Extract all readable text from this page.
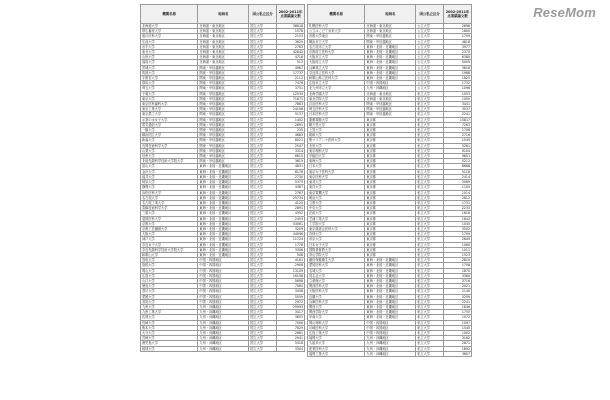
ReseMom
機関名称	地域名	国公私立区分	2002-2011年点業績論文数
北海道大学	北海道・東北地区	国立大学	38818
帯広畜産大学	北海道・東北地区	国立大学	1578
旭川医科大学	北海道・東北地区	国立大学	2153
弘前大学	北海道・東北地区	国立大学	3629
岩手大学	北海道・東北地区	国立大学	2763
東北大学	北海道・東北地区	国立大学	42842
山形大学	北海道・東北地区	国立大学	4716
福島大学	北海道・東北地区	国立大学	513
茨城大学	関東・甲信越地区	国立大学	4987
筑波大学	関東・甲信越地区	国立大学	17737
宇都宮大学	関東・甲信越地区	国立大学	2112
群馬大学	関東・甲信越地区	国立大学	7476
埼玉大学	関東・甲信越地区	国立大学	3751
千葉大学	関東・甲信越地区	国立大学	12530
東京大学	関東・甲信越地区	国立大学	71871
東京医科歯科大学	関東・甲信越地区	国立大学	7863
東京工業大学	関東・甲信越地区	国立大学	24108
東京農工大学	関東・甲信越地区	国立大学	5137
お茶の水女子大学	関東・甲信越地区	国立大学	1402
電気通信大学	関東・甲信越地区	国立大学	2691
一橋大学	関東・甲信越地区	国立大学	235
横浜国立大学	関東・甲信越地区	国立大学	4683
新潟大学	関東・甲信越地区	国立大学	8021
長岡技術科学大学	関東・甲信越地区	国立大学	2547
山梨大学	関東・甲信越地区	国立大学	3314
信州大学	関東・甲信越地区	国立大学	6615
北陸先端科学技術大学院大学	関東・甲信越地区	国立大学	3615
富山大学	東海・北陸・近畿地区	国立大学	4831
金沢大学	東海・北陸・近畿地区	国立大学	8176
福井大学	東海・北陸・近畿地区	国立大学	2730
岐阜大学	東海・北陸・近畿地区	国立大学	5375
静岡大学	東海・北陸・近畿地区	国立大学	4387
浜松医科大学	東海・北陸・近畿地区	国立大学	2767
名古屋大学	東海・北陸・近畿地区	国立大学	25734
名古屋工業大学	東海・北陸・近畿地区	国立大学	4120
豊橋技術科学大学	東海・北陸・近畿地区	国立大学	2891
三重大学	東海・北陸・近畿地区	国立大学	4352
滋賀医科大学	東海・北陸・近畿地区	国立大学	2453
京都大学	東海・北陸・近畿地区	国立大学	53061
京都工芸繊維大学	東海・北陸・近畿地区	国立大学	3209
大阪大学	東海・北陸・近畿地区	国立大学	44596
神戸大学	東海・北陸・近畿地区	国立大学	11724
奈良女子大学	東海・北陸・近畿地区	国立大学	1778
奈良先端科学技術大学院大学	東海・北陸・近畿地区	国立大学	3306
和歌山大学	東海・北陸・近畿地区	国立大学	508
鳥取大学	中国・四国地区	国立大学	4161
島根大学	中国・四国地区	国立大学	2908
岡山大学	中国・四国地区	国立大学	13109
広島大学	中国・四国地区	国立大学	16158
山口大学	中国・四国地区	国立大学	5698
徳島大学	中国・四国地区	国立大学	7084
香川大学	中国・四国地区	国立大学	3438
愛媛大学	中国・四国地区	国立大学	5559
高知大学	中国・四国地区	国立大学	2972
九州大学	九州・沖縄地区	国立大学	29993
九州工業大学	九州・沖縄地区	国立大学	3417
佐賀大学	九州・沖縄地区	国立大学	3603
長崎大学	九州・沖縄地区	国立大学	7006
熊本大学	九州・沖縄地区	国立大学	7829
大分大学	九州・沖縄地区	国立大学	2681
宮崎大学	九州・沖縄地区	国立大学	2941
鹿児島大学	九州・沖縄地区	国立大学	5418
琉球大学	九州・沖縄地区	国立大学	3304
機関名称	地域名	国公私立区分	2002-2011年点業績論文数
札幌医科大学	北海道・東北地区	公立大学	2698
公立はこだて未来大学	北海道・東北地区	公立大学	1800
首都大学東京	関東・甲信越地区	公立大学	1709
横浜市立大学	関東・甲信越地区	公立大学	4818
名古屋市立大学	東海・北陸・近畿地区	公立大学	3977
京都府立医科大学	東海・北陸・近畿地区	公立大学	2370
大阪市立大学	東海・北陸・近畿地区	公立大学	6380
大阪府立大学	東海・北陸・近畿地区	公立大学	5005
兵庫県立大学	東海・北陸・近畿地区	公立大学	3616
奈良県立医科大学	東海・北陸・近畿地区	公立大学	1988
和歌山県立医科大学	東海・北陸・近畿地区	公立大学	1625
広島市立大学	中国・四国地区	公立大学	1732
北九州市立大学	九州・沖縄地区	公立大学	1096
北海学園大学	北海道・東北地区	私立大学	1053
東北学院大学	北海道・東北地区	私立大学	1050
自治医科大学	関東・甲信越地区	私立大学	3441
埼玉医科大学	関東・甲信越地区	私立大学	3037
日本医科大学	関東・甲信越地区	私立大学	2241
慶應義塾大学	東京都	私立大学	15817
順天堂大学	東京都	私立大学	7263
上智大学	東京都	私立大学	1708
昭和大学	東京都	私立大学	2716
聖マリアンナ医科大学	東京都	私立大学	1545
北里大学	東京都	私立大学	5261
東京理科大学	東京都	私立大学	9104
早稲田大学	東京都	私立大学	9651
東海大学	東京都	私立大学	5212
日本大学	東京都	私立大学	8668
東京女子医科大学	東京都	私立大学	5118
東京医科大学	東京都	私立大学	2414
東邦大学	東京都	私立大学	3069
東洋大学	東京都	私立大学	1155
東京電機大学	東京都	私立大学	1014
明治大学	東京都	私立大学	2812
立教大学	東京都	私立大学	1731
中央大学	東京都	私立大学	2233
法政大学	東京都	私立大学	1618
芝浦工業大学	東京都	私立大学	1642
工学院大学	東京都	私立大学	1045
東京慈恵会医科大学	東京都	私立大学	3502
杏林大学	東京都	私立大学	1709
帝京大学	東京都	私立大学	2649
日本女子大学	東京都	私立大学	1060
国際基督教大学	東京都	私立大学	1011
青山学院大学	東京都	私立大学	1523
藤田保健衛生大学	東海・北陸・近畿地区	私立大学	2810
愛知医科大学	東海・北陸・近畿地区	私立大学	1708
名城大学	東海・北陸・近畿地区	私立大学	1870
同志社大学	東海・北陸・近畿地区	私立大学	3360
立命館大学	東海・北陸・近畿地区	私立大学	3716
関西医科大学	東海・北陸・近畿地区	私立大学	2021
大阪医科大学	東海・北陸・近畿地区	私立大学	2140
近畿大学	東海・北陸・近畿地区	私立大学	5209
兵庫医科大学	東海・北陸・近畿地区	私立大学	2241
関西大学	東海・北陸・近畿地区	私立大学	1846
関西学院大学	東海・北陸・近畿地区	私立大学	1755
甲南大学	東海・北陸・近畿地区	私立大学	1072
岡山理科大学	中国・四国地区	私立大学	1097
川崎医科大学	中国・四国地区	私立大学	1545
広島工業大学	中国・四国地区	私立大学	1002
福岡大学	九州・沖縄地区	私立大学	3162
久留米大学	九州・沖縄地区	私立大学	2871
産業医科大学	九州・沖縄地区	私立大学	1892
福岡工業大学	九州・沖縄地区	私立大学	3607
